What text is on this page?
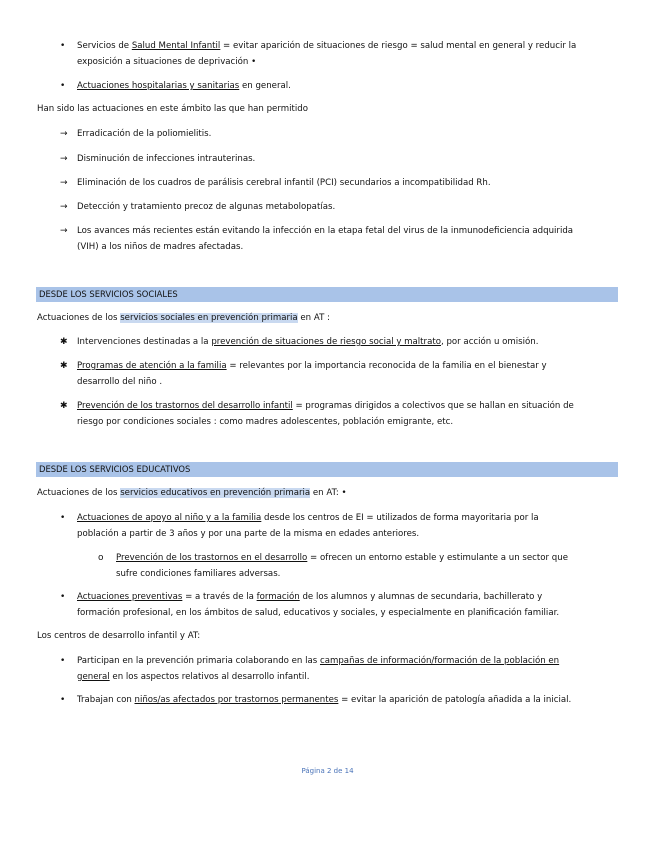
• Servicios de Salud Mental Infantil = evitar aparición de situaciones de riesgo = salud mental en general y reducir la
exposición a situaciones de deprivación •
• Actuaciones hospitalarias y sanitarias en general.
Han sido las actuaciones en este ámbito las que han permitido
→ Erradicación de la poliomielitis.
→ Disminución de infecciones intrauterinas.
→ Eliminación de los cuadros de parálisis cerebral infantil (PCI) secundarios a incompatibilidad Rh.
→ Detección y tratamiento precoz de algunas metabolopatías.
→ Los avances más recientes están evitando la infección en la etapa fetal del virus de la inmunodeficiencia adquirida
(VIH) a los niños de madres afectadas.
DESDE LOS SERVICIOS SOCIALES
Actuaciones de los servicios sociales en prevención primaria en AT :
✱ Intervenciones destinadas a la prevención de situaciones de riesgo social y maltrato, por acción u omisión.
✱ Programas de atención a la familia = relevantes por la importancia reconocida de la familia en el bienestar y
desarrollo del niño .
✱ Prevención de los trastornos del desarrollo infantil = programas dirigidos a colectivos que se hallan en situación de
riesgo por condiciones sociales : como madres adolescentes, población emigrante, etc.
DESDE LOS SERVICIOS EDUCATIVOS
Actuaciones de los servicios educativos en prevención primaria en AT: •
• Actuaciones de apoyo al niño y a la familia desde los centros de EI = utilizados de forma mayoritaria por la
población a partir de 3 años y por una parte de la misma en edades anteriores.
o Prevención de los trastornos en el desarrollo = ofrecen un entorno estable y estimulante a un sector que
sufre condiciones familiares adversas.
• Actuaciones preventivas = a través de la formación de los alumnos y alumnas de secundaria, bachillerato y
formación profesional, en los ámbitos de salud, educativos y sociales, y especialmente en planificación familiar.
Los centros de desarrollo infantil y AT:
• Participan en la prevención primaria colaborando en las campañas de información/formación de la población en
general en los aspectos relativos al desarrollo infantil.
• Trabajan con niños/as afectados por trastornos permanentes = evitar la aparición de patología añadida a la inicial.
Página 2 de 14
